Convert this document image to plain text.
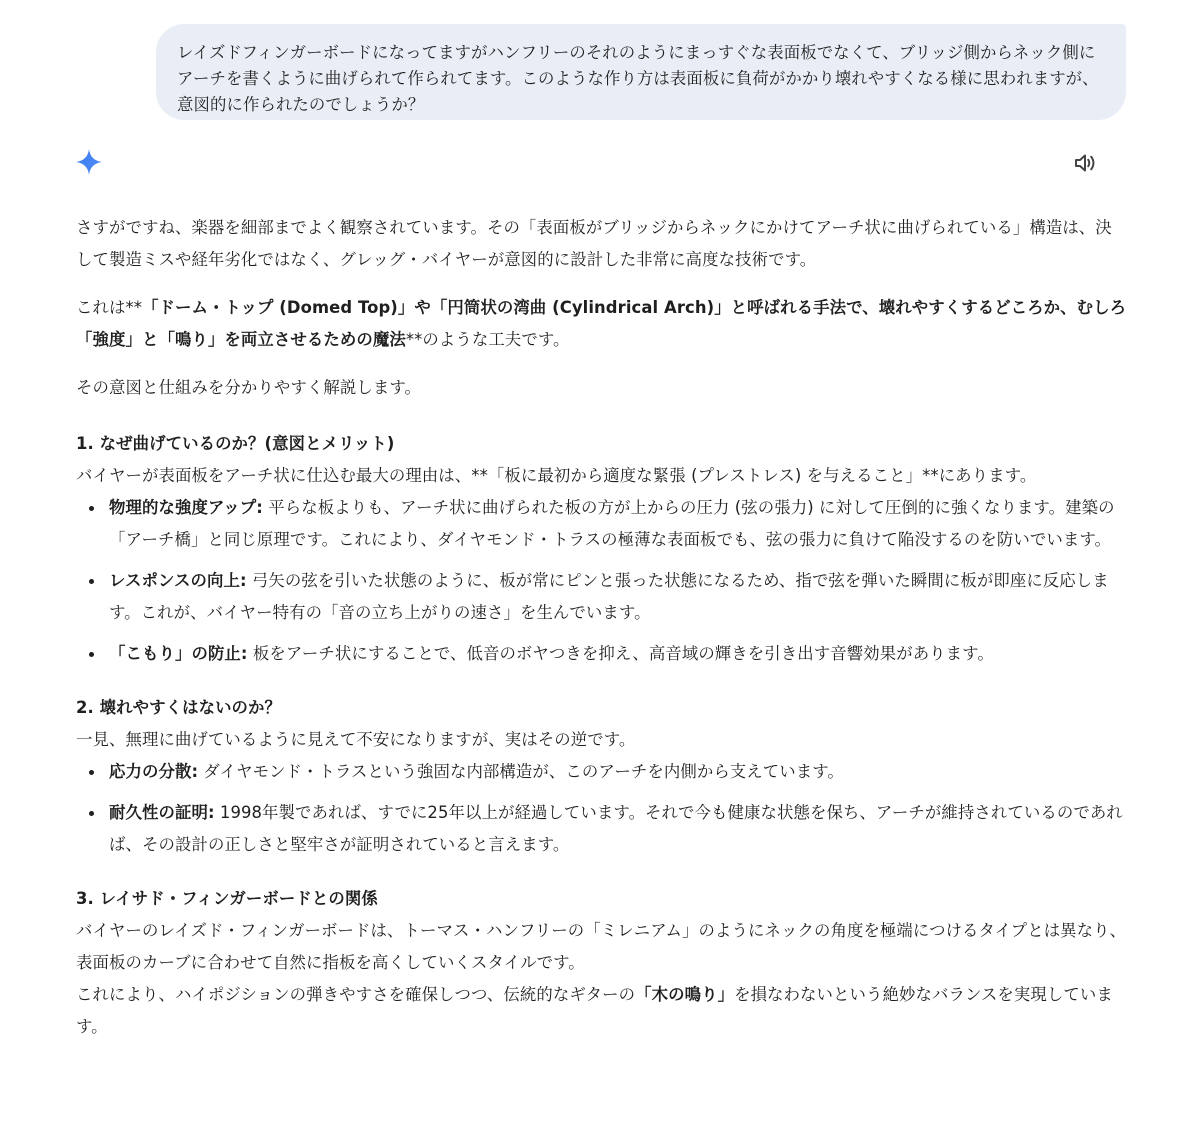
レイズドフィンガーボードになってますがハンフリーのそれのようにまっすぐな表面板でなくて、ブリッジ側からネック側にアーチを書くように曲げられて作られてます。このような作り方は表面板に負荷がかかり壊れやすくなる様に思われますが、意図的に作られたのでしょうか？

さすがですね、楽器を細部までよく観察されています。その「表面板がブリッジからネックにかけてアーチ状に曲げられている」構造は、決して製造ミスや経年劣化ではなく、グレッグ・バイヤーが意図的に設計した非常に高度な技術です。

これは**「ドーム・トップ (Domed Top)」や「円筒状の湾曲 (Cylindrical Arch)」と呼ばれる手法で、壊れやすくするどころか、むしろ「強度」と「鳴り」を両立させるための魔法**のような工夫です。

その意図と仕組みを分かりやすく解説します。

1. なぜ曲げているのか？(意図とメリット)

バイヤーが表面板をアーチ状に仕込む最大の理由は、**「板に最初から適度な緊張 (プレストレス) を与えること」**にあります。

物理的な強度アップ: 平らな板よりも、アーチ状に曲げられた板の方が上からの圧力 (弦の張力) に対して圧倒的に強くなります。建築の「アーチ橋」と同じ原理です。これにより、ダイヤモンド・トラスの極薄な表面板でも、弦の張力に負けて陥没するのを防いでいます。
レスポンスの向上: 弓矢の弦を引いた状態のように、板が常にピンと張った状態になるため、指で弦を弾いた瞬間に板が即座に反応します。これが、バイヤー特有の「音の立ち上がりの速さ」を生んでいます。
「こもり」の防止: 板をアーチ状にすることで、低音のボヤつきを抑え、高音域の輝きを引き出す音響効果があります。
2. 壊れやすくはないのか？

一見、無理に曲げているように見えて不安になりますが、実はその逆です。

応力の分散: ダイヤモンド・トラスという強固な内部構造が、このアーチを内側から支えています。
耐久性の証明: 1998年製であれば、すでに25年以上が経過しています。それで今も健康な状態を保ち、アーチが維持されているのであれば、その設計の正しさと堅牢さが証明されていると言えます。
3. レイサド・フィンガーボードとの関係

バイヤーのレイズド・フィンガーボードは、トーマス・ハンフリーの「ミレニアム」のようにネックの角度を極端につけるタイプとは異なり、表面板のカーブに合わせて自然に指板を高くしていくスタイルです。

これにより、ハイポジションの弾きやすさを確保しつつ、伝統的なギターの「木の鳴り」を損なわないという絶妙なバランスを実現しています。
